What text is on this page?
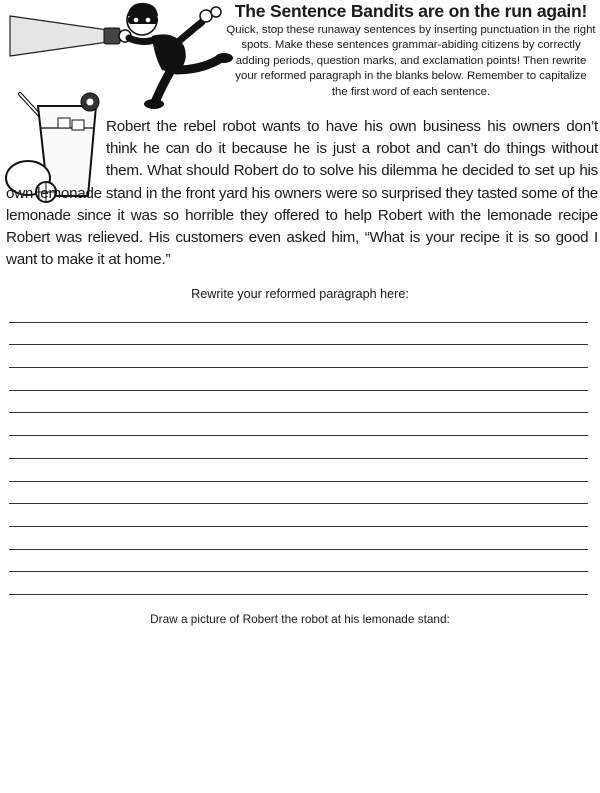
The Sentence Bandits are on the run again!

Quick, stop these runaway sentences by inserting punctuation in the right spots. Make these sentences grammar-abiding citizens by correctly adding periods, question marks, and exclamation points! Then rewrite your reformed paragraph in the blanks below. Remember to capitalize the first word of each sentence.

Robert the rebel robot wants to have his own business his owners don’t think he can do it because he is just a robot and can’t do things without them. What should Robert do to solve his dilemma he decided to set up his own lemonade stand in the front yard his owners were so surprised they tasted some of the lemonade since it was so horrible they offered to help Robert with the lemonade recipe Robert was relieved. His customers even asked him, “What is your recipe it is so good I want to make it at home.”

Rewrite your reformed paragraph here:

Draw a picture of Robert the robot at his lemonade stand:
